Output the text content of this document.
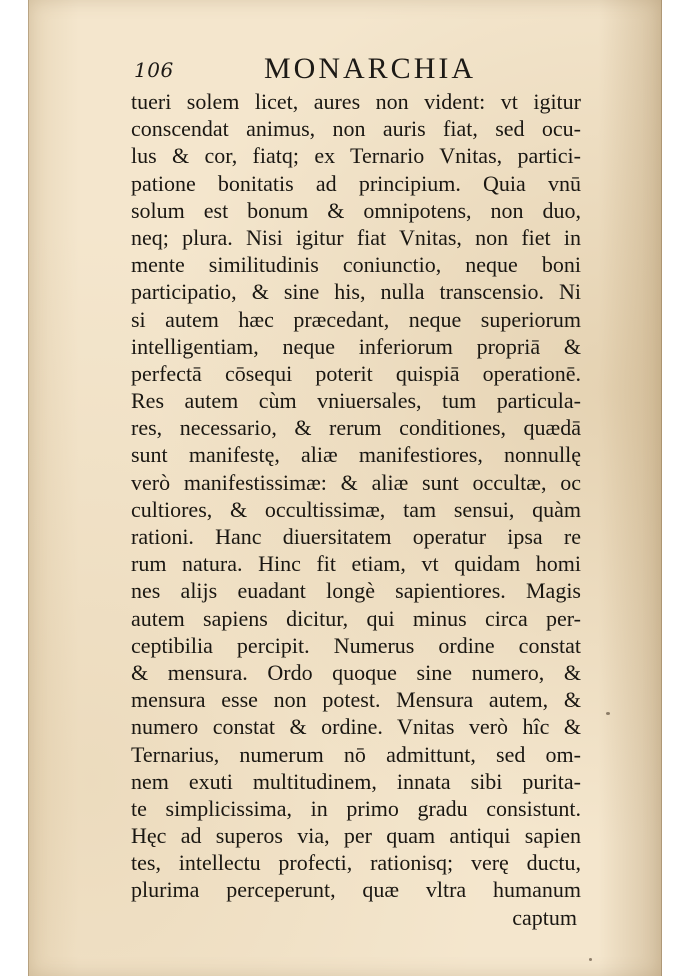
106	MONARCHIA
tueri solem licet, aures non vident: vt igitur
conscendat animus, non auris fiat, sed ocu-
lus & cor, fiatq; ex Ternario Vnitas, partici-
patione bonitatis ad principium. Quia vnū
solum est bonum & omnipotens, non duo,
neq; plura. Nisi igitur fiat Vnitas, non fiet in
mente similitudinis coniunctio, neque boni
participatio, & sine his, nulla transcensio. Ni
si autem hæc præcedant, neque superiorum
intelligentiam, neque inferiorum propriā &
perfectā cōsequi poterit quispiā operationē.
Res autem cùm vniuersales, tum particula-
res, necessario, & rerum conditiones, quædā
sunt manifestę, aliæ manifestiores, nonnullę
verò manifestissimæ: & aliæ sunt occultæ, oc
cultiores, & occultissimæ, tam sensui, quàm
rationi. Hanc diuersitatem operatur ipsa re
rum natura. Hinc fit etiam, vt quidam homi
nes alijs euadant longè sapientiores. Magis
autem sapiens dicitur, qui minus circa per-
ceptibilia percipit. Numerus ordine constat
& mensura. Ordo quoque sine numero, &
mensura esse non potest. Mensura autem, &
numero constat & ordine. Vnitas verò hîc &
Ternarius, numerum nō admittunt, sed om-
nem exuti multitudinem, innata sibi purita-
te simplicissima, in primo gradu consistunt.
Hęc ad superos via, per quam antiqui sapien
tes, intellectu profecti, rationisq; verę ductu,
plurima perceperunt, quæ vltra humanum
captum
